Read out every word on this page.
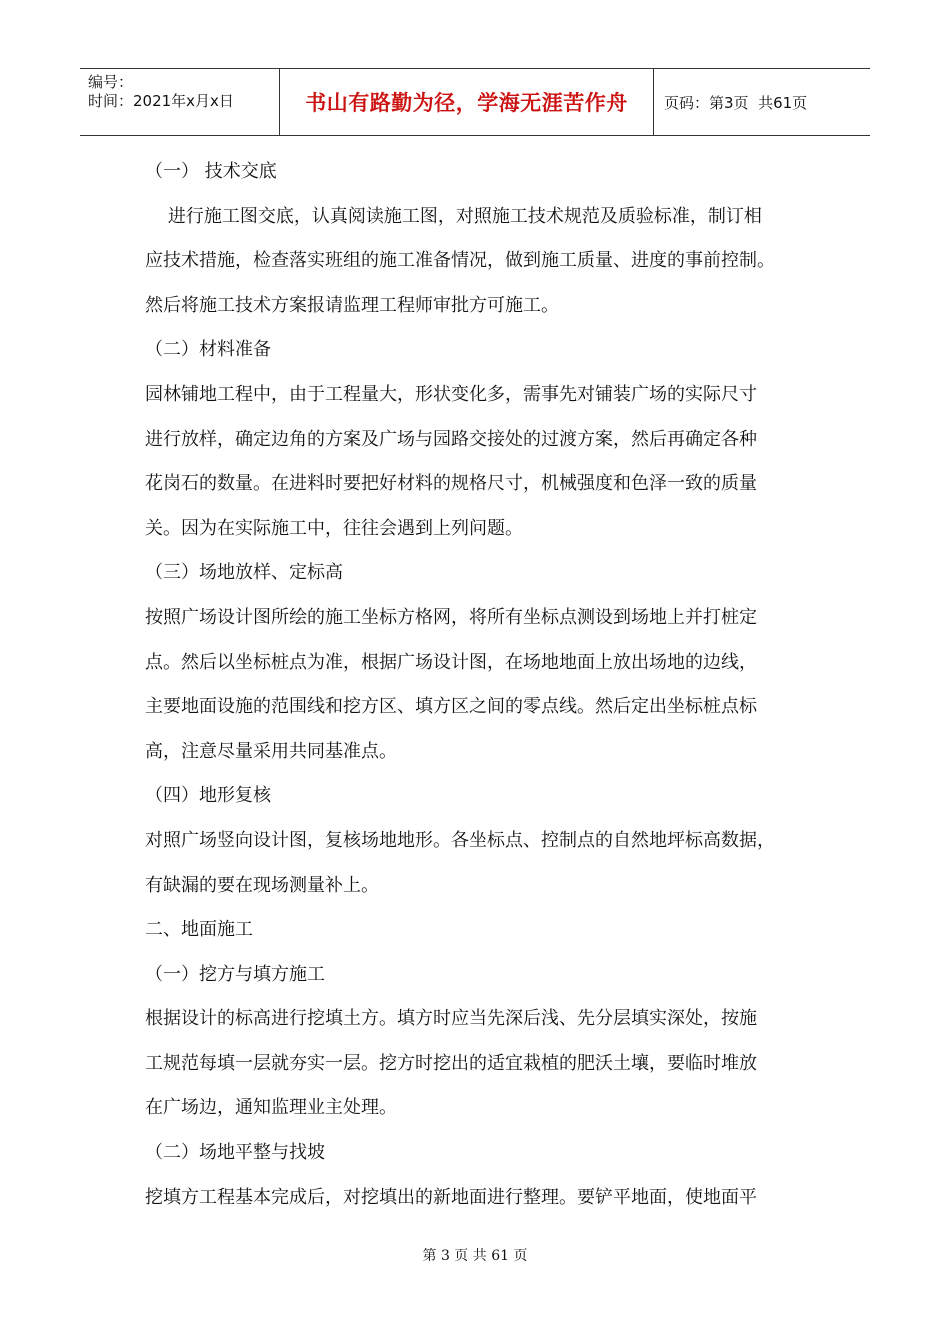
编号：
时间：2021年x月x日	书山有路勤为径，学海无涯苦作舟	页码：第3页  共61页
（一） 技术交底
进行施工图交底，认真阅读施工图，对照施工技术规范及质验标准，制订相
应技术措施，检查落实班组的施工准备情况，做到施工质量、进度的事前控制。
然后将施工技术方案报请监理工程师审批方可施工。
（二）材料准备
园林铺地工程中，由于工程量大，形状变化多，需事先对铺装广场的实际尺寸
进行放样，确定边角的方案及广场与园路交接处的过渡方案，然后再确定各种
花岗石的数量。在进料时要把好材料的规格尺寸，机械强度和色泽一致的质量
关。因为在实际施工中，往往会遇到上列问题。
（三）场地放样、定标高
按照广场设计图所绘的施工坐标方格网，将所有坐标点测设到场地上并打桩定
点。然后以坐标桩点为准，根据广场设计图，在场地地面上放出场地的边线，
主要地面设施的范围线和挖方区、填方区之间的零点线。然后定出坐标桩点标
高，注意尽量采用共同基准点。
（四）地形复核
对照广场竖向设计图，复核场地地形。各坐标点、控制点的自然地坪标高数据，
有缺漏的要在现场测量补上。
二、地面施工
（一）挖方与填方施工
根据设计的标高进行挖填土方。填方时应当先深后浅、先分层填实深处，按施
工规范每填一层就夯实一层。挖方时挖出的适宜栽植的肥沃土壤，要临时堆放
在广场边，通知监理业主处理。
（二）场地平整与找坡
挖填方工程基本完成后，对挖填出的新地面进行整理。要铲平地面，使地面平
第 3 页 共 61 页
